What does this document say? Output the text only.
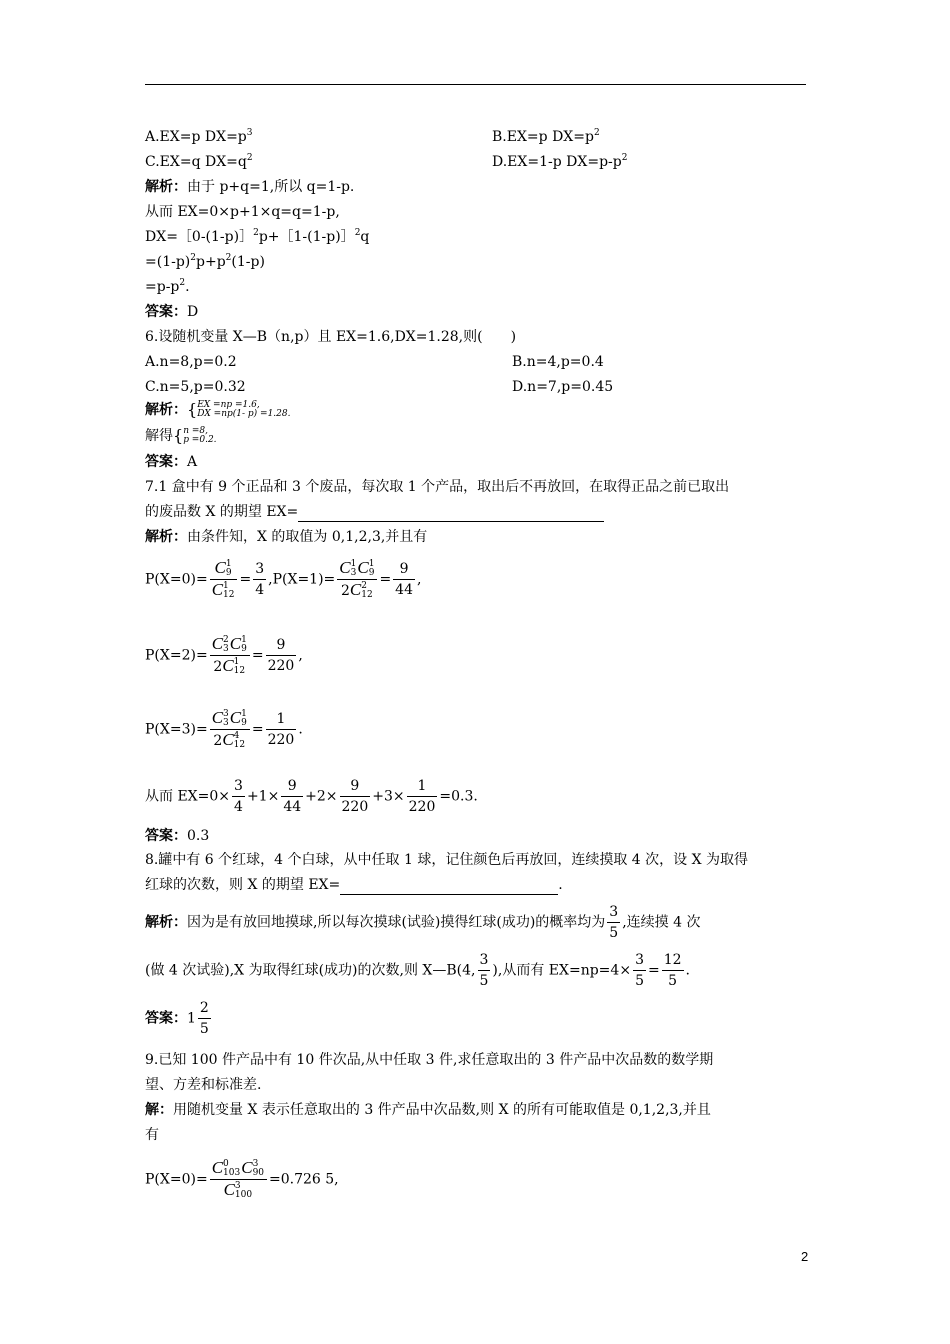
A.EX=p $DX=p^3$	B.EX=p $DX=p^2$
C.EX=q $DX=q^2$	D.EX=1-p $DX=p-p^2$
解析：由于 p+q=1,所以 q=1-p.
从而 EX=0×p+1×q=q=1-p,
DX=［0-(1-p)］$^2$p+［1-(1-p)］$^2$q
$=(1-p)^2p+p^2(1-p)$
$=p-p^2$.
答案：D
6.设随机变量 X—B（n,p）且 EX=1.6,DX=1.28,则(　　)
A.n=8,p=0.2	B.n=4,p=0.4
C.n=5,p=0.32	D.n=7,p=0.45
解析：{ EX =np =1.6,
DX =np(1- p) =1.28.
解得{ n =8,
p =0.2.
答案：A
7.1 盒中有 9 个正品和 3 个废品，每次取 1 个产品，取出后不再放回，在取得正品之前已取出
的废品数 X 的期望 EX=
解析：由条件知，X 的取值为 0,1,2,3,并且有
P(X=0)= C 1
9
C 1
$12 = \frac{3}{4} ,P(X=1)= C$ 1
3 C 1
9
2C 2
$12 = \frac{9}{44}$ ,
P(X=2)= C 2
3 C 1
9
2C 1
$12 = \frac{9}{220}$ ,
P(X=3)= C 3
3 C 1
9
2C 4
$12 = \frac{1}{220}$ .
从而 $EX=0\times \frac{3}{4} +1\times \frac{9}{44} +2\times \frac{9}{220} +3\times \frac{1}{220} =0.3$.
答案：0.3
8.罐中有 6 个红球，4 个白球，从中任取 1 球，记住颜色后再放回，连续摸取 4 次，设 X 为取得
红球的次数，则 X 的期望 EX=	.
解析：因为是有放回地摸球,所以每次摸球(试验)摸得红球(成功)的概率均为 $\frac{3}{5}$ ,连续摸 4 次
(做 4 次试验),X 为取得红球(成功)的次数,则 X—B(4, $\frac{3}{5}$ ),从而有 $EX=np=4\times \frac{3}{5} = \frac{12}{5}$ .
答案：$1 \frac{2}{5}$
9.已知 100 件产品中有 10 件次品,从中任取 3 件,求任意取出的 3 件产品中次品数的数学期
望、方差和标准差.
解：用随机变量 X 表示任意取出的 3 件产品中次品数,则 X 的所有可能取值是 0,1,2,3,并且
有
P(X=0)= C 0
103 C 3
90
C 3
100 =0.726 5,
2
